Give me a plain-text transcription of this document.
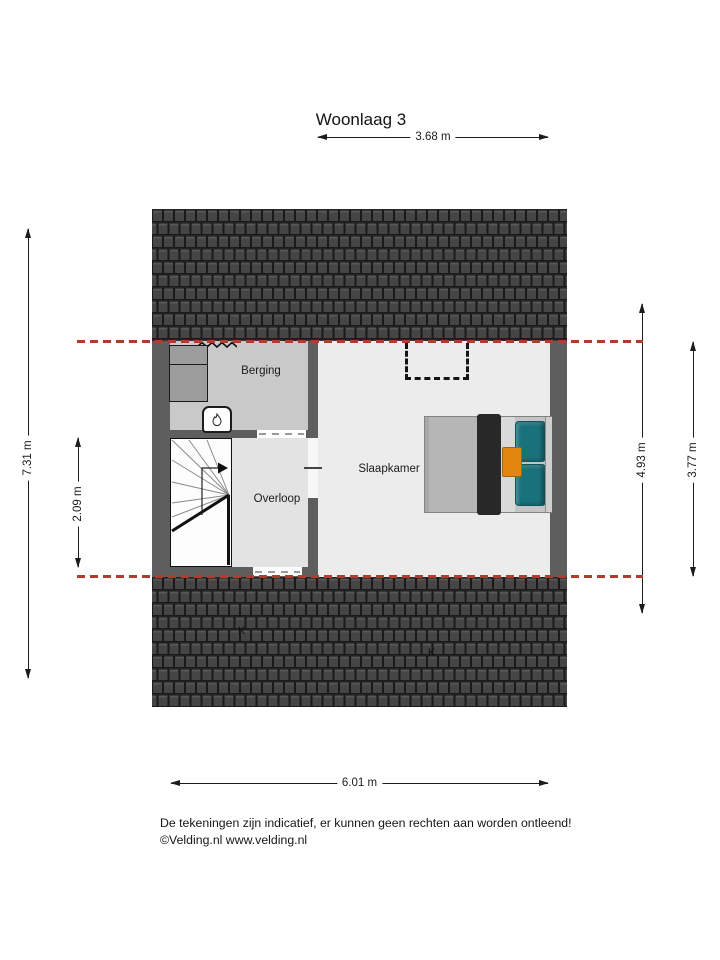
Woonlaag 3
3.68 m
7.31 m
2.09 m
4.93 m	3.77 m
Berging
Overloop
Slaapkamer
K
K
6.01 m
De tekeningen zijn indicatief, er kunnen geen rechten aan worden ontleend!
©Velding.nl www.velding.nl
